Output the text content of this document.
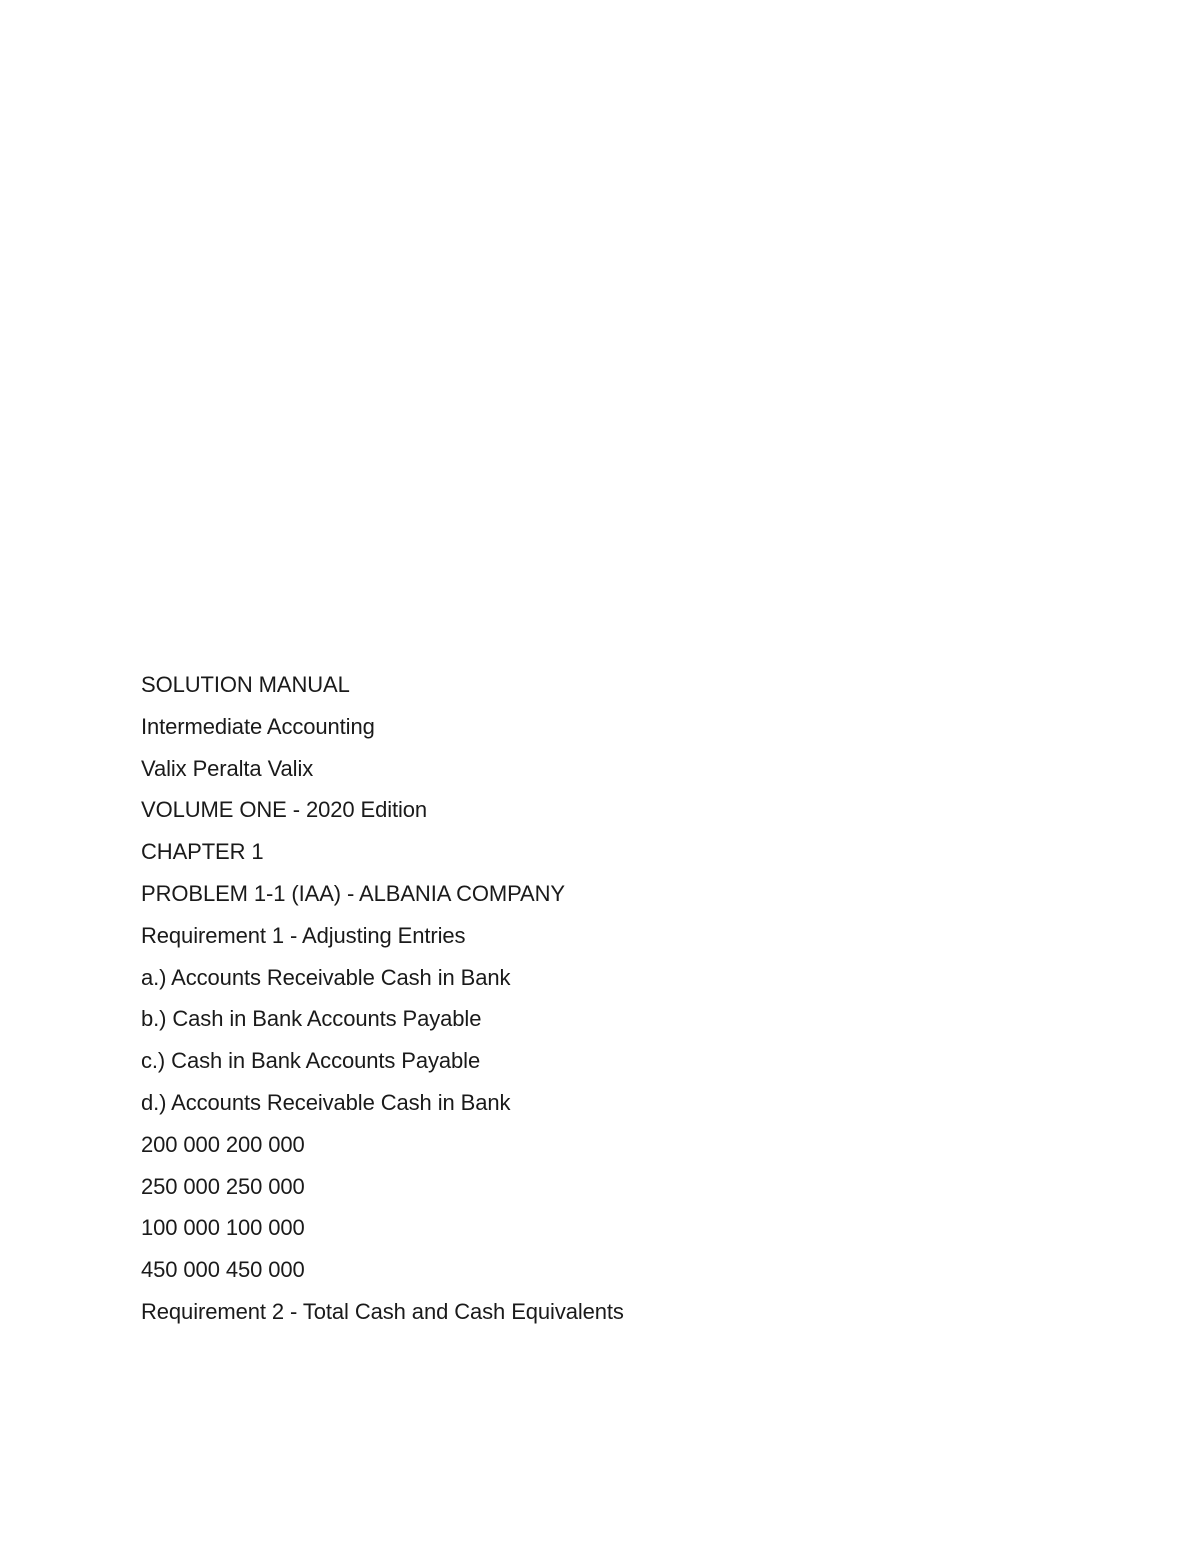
SOLUTION MANUAL
Intermediate Accounting
Valix Peralta Valix
VOLUME ONE - 2020 Edition
CHAPTER 1
PROBLEM 1-1 (IAA) - ALBANIA COMPANY
Requirement 1 - Adjusting Entries
a.) Accounts Receivable Cash in Bank
b.) Cash in Bank Accounts Payable
c.) Cash in Bank Accounts Payable
d.) Accounts Receivable Cash in Bank
200 000 200 000
250 000 250 000
100 000 100 000
450 000 450 000
Requirement 2 - Total Cash and Cash Equivalents
